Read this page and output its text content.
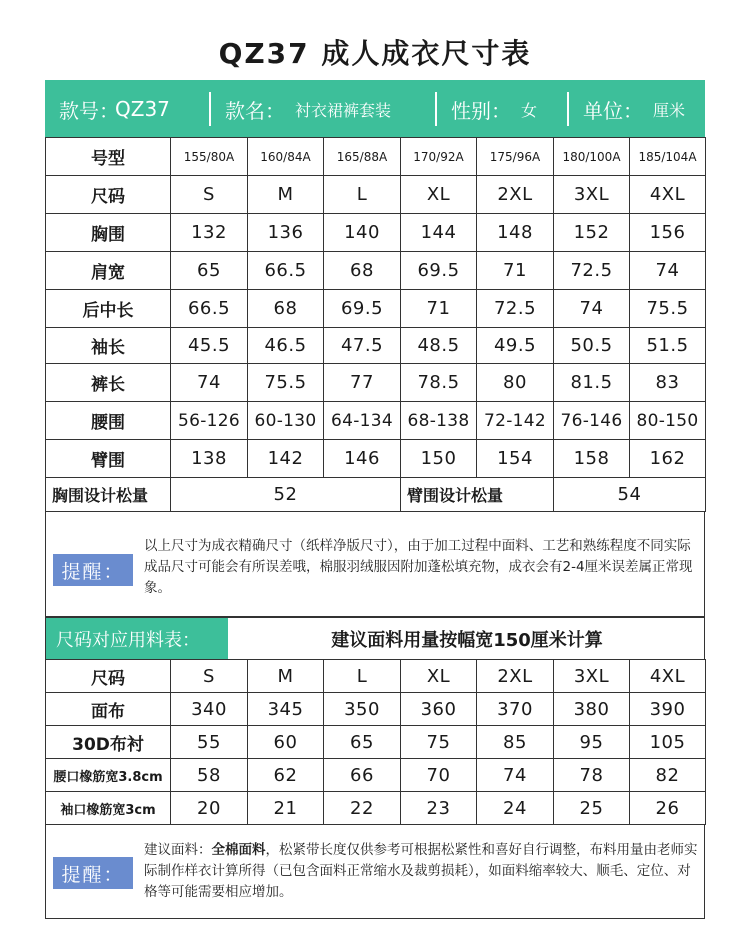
QZ37 成人成衣尺寸表
款号：
QZ37	款名： 衬衣裙裤套装	性别： 女 单位： 厘米
号型	155/80A	160/84A	165/88A	170/92A	175/96A	180/100A	185/104A
尺码	S	M	L	XL	2XL	3XL	4XL
胸围	132	136	140	144	148	152	156
肩宽	65	66.5	68	69.5	71	72.5	74
后中长	66.5	68	69.5	71	72.5	74	75.5
袖长	45.5	46.5	47.5	48.5	49.5	50.5	51.5
裤长	74	75.5	77	78.5	80	81.5	83
腰围	56-126	60-130	64-134	68-138	72-142	76-146	80-150
臂围	138	142	146	150	154	158	162
胸围设计松量	52			臂围设计松量		54	
提醒：
以上尺寸为成衣精确尺寸（纸样净版尺寸），由于加工过程中面料、工艺和熟练程度不同实际成品尺寸可能会有所误差哦，棉服羽绒服因附加蓬松填充物，成衣会有2-4厘米误差属正常现象。
尺码对应用料表：	建议面料用量按幅宽150厘米计算
尺码	S	M	L	XL	2XL	3XL	4XL
面布	340	345	350	360	370	380	390
30D布衬	55	60	65	75	85	95	105
腰口橡筋宽3.8cm	58	62	66	70	74	78	82
袖口橡筋宽3cm	20	21	22	23	24	25	26
提醒：
建议面料：全棉面料，松紧带长度仅供参考可根据松紧性和喜好自行调整，布料用量由老师实际制作样衣计算所得（已包含面料正常缩水及裁剪损耗），如面料缩率较大、顺毛、定位、对格等可能需要相应增加。
